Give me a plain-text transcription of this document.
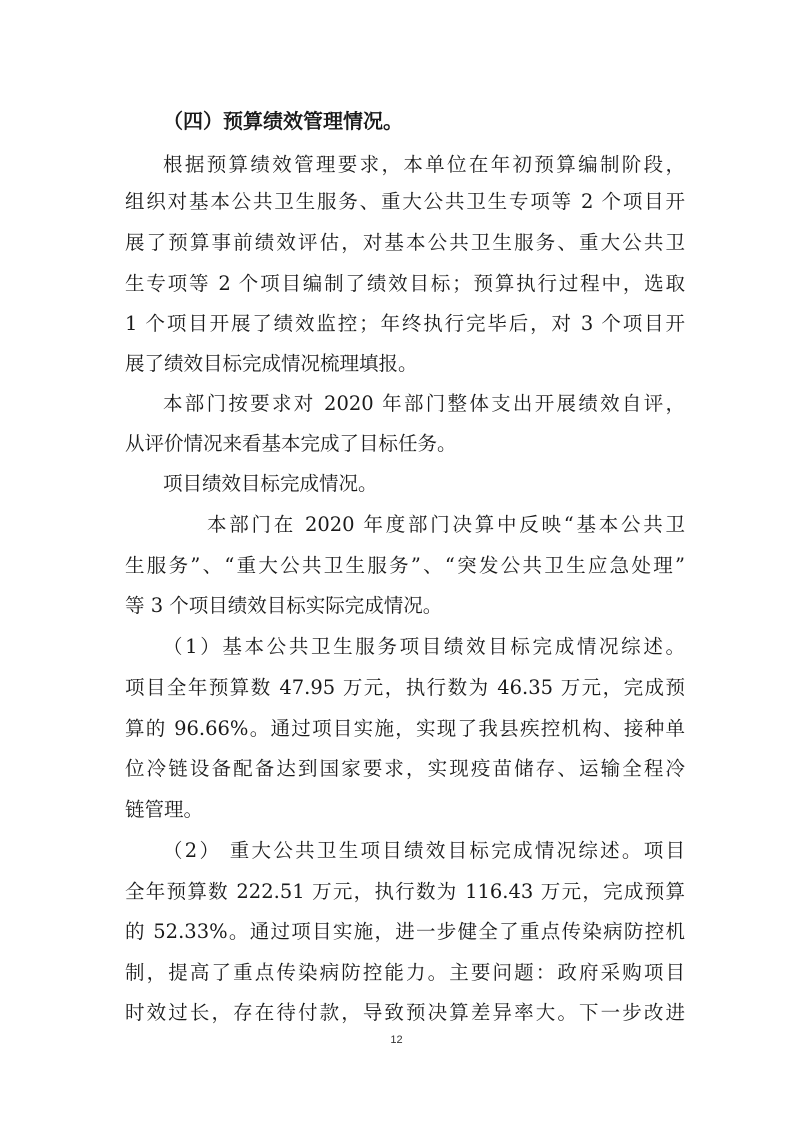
（四）预算绩效管理情况。
根据预算绩效管理要求，本单位在年初预算编制阶段，
组织对基本公共卫生服务、重大公共卫生专项等 2 个项目开
展了预算事前绩效评估，对基本公共卫生服务、重大公共卫
生专项等 2 个项目编制了绩效目标；预算执行过程中，选取
1 个项目开展了绩效监控；年终执行完毕后，对 3 个项目开
展了绩效目标完成情况梳理填报。
本部门按要求对 2020 年部门整体支出开展绩效自评，
从评价情况来看基本完成了目标任务。
项目绩效目标完成情况。
本部门在 2020 年度部门决算中反映“基本公共卫
生服务”、“重大公共卫生服务”、“突发公共卫生应急处理”
等 3 个项目绩效目标实际完成情况。
（1）基本公共卫生服务项目绩效目标完成情况综述。
项目全年预算数 47.95 万元，执行数为 46.35 万元，完成预
算的 96.66%。通过项目实施，实现了我县疾控机构、接种单
位冷链设备配备达到国家要求，实现疫苗储存、运输全程冷
链管理。
（2） 重大公共卫生项目绩效目标完成情况综述。项目
全年预算数 222.51 万元，执行数为 116.43 万元，完成预算
的 52.33%。通过项目实施，进一步健全了重点传染病防控机
制，提高了重点传染病防控能力。主要问题：政府采购项目
时效过长，存在待付款，导致预决算差异率大。下一步改进
12
